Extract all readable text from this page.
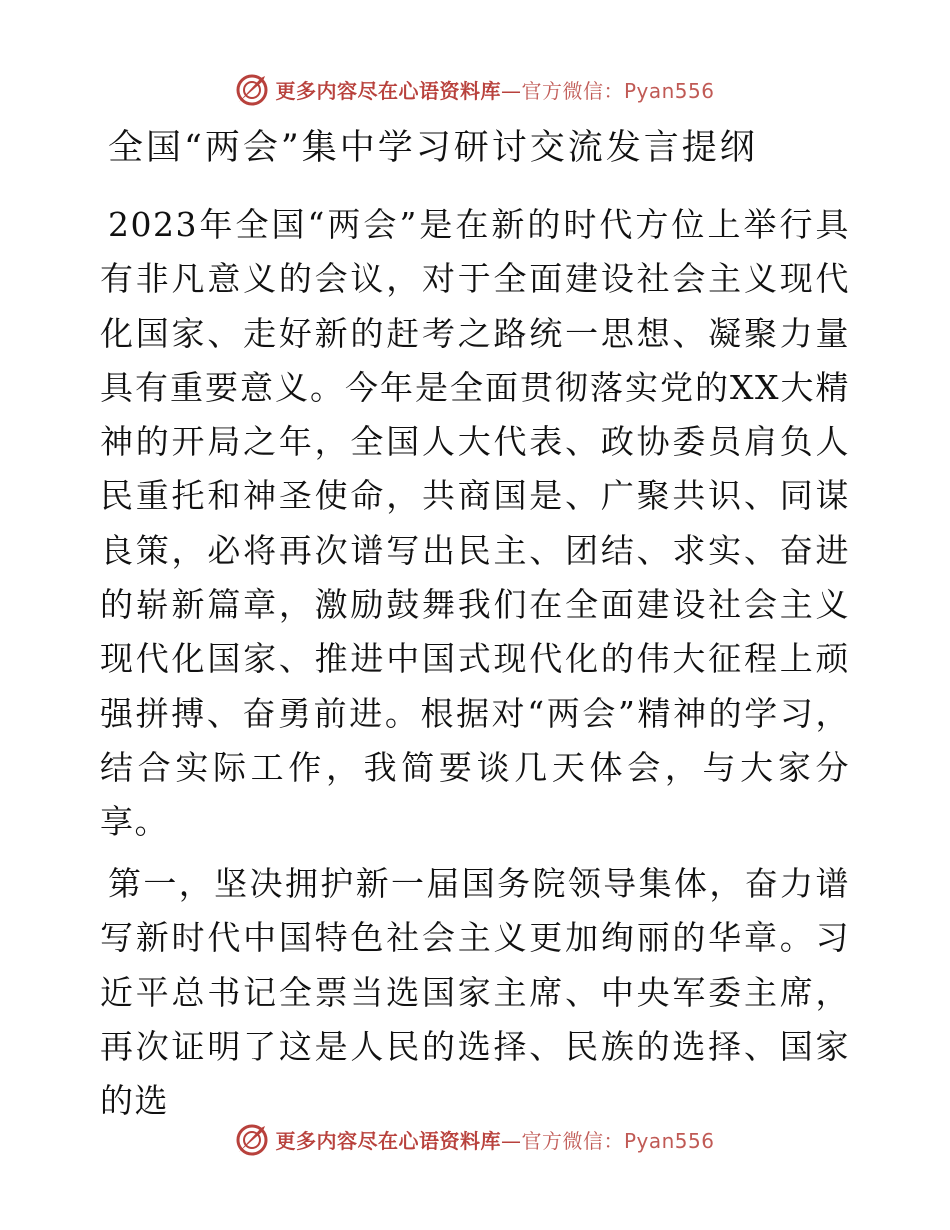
更多内容尽在心语资料库—官方微信：Pyan556
全国“两会”集中学习研讨交流发言提纲

2023年全国“两会”是在新的时代方位上举行具有非凡意义的会议，对于全面建设社会主义现代化国家、走好新的赶考之路统一思想、凝聚力量具有重要意义。今年是全面贯彻落实党的XX大精神的开局之年，全国人大代表、政协委员肩负人民重托和神圣使命，共商国是、广聚共识、同谋良策，必将再次谱写出民主、团结、求实、奋进的崭新篇章，激励鼓舞我们在全面建设社会主义现代化国家、推进中国式现代化的伟大征程上顽强拼搏、奋勇前进。根据对“两会”精神的学习，结合实际工作，我简要谈几天体会，与大家分享。

第一，坚决拥护新一届国务院领导集体，奋力谱写新时代中国特色社会主义更加绚丽的华章。习近平总书记全票当选国家主席、中央军委主席，再次证明了这是人民的选择、民族的选择、国家的选

更多内容尽在心语资料库—官方微信：Pyan556
